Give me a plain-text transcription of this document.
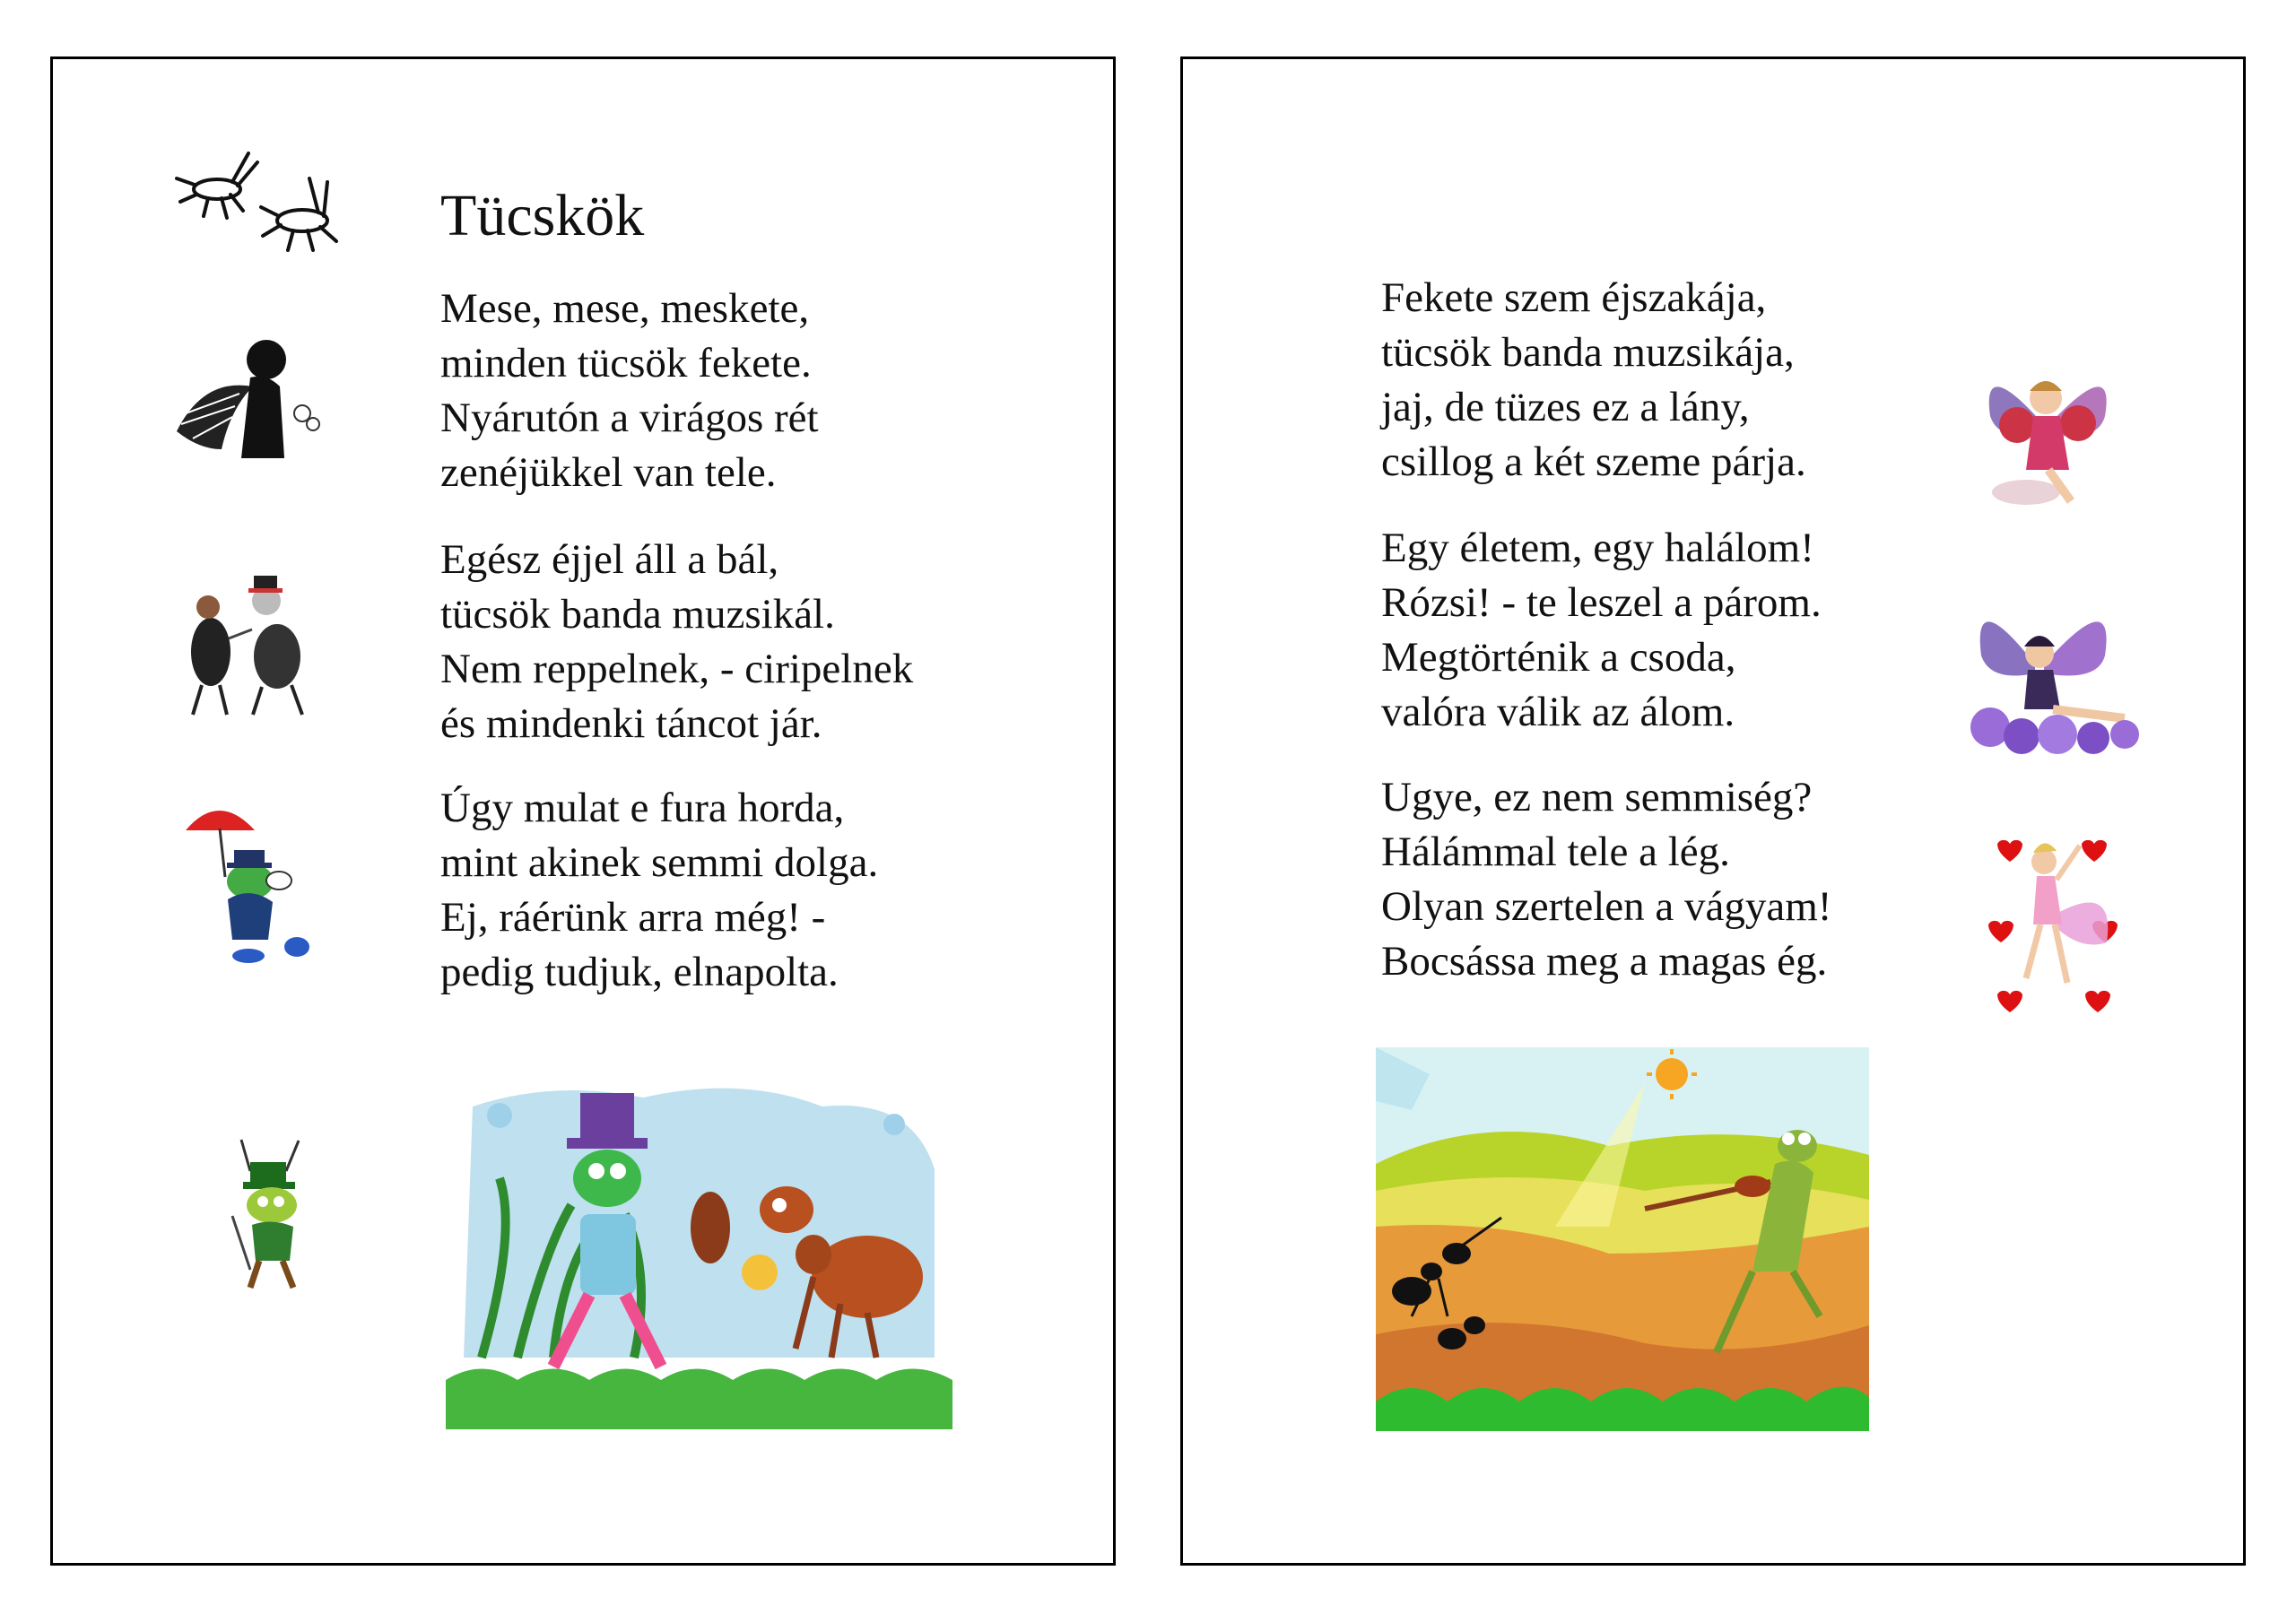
Tücskök
Mese, mese, meskete,
minden tücsök fekete.
Nyárutón a virágos rét
zenéjükkel van tele.
Egész éjjel áll a bál,
tücsök banda muzsikál.
Nem reppelnek, - ciripelnek
és mindenki táncot jár.
Úgy mulat e fura horda,
mint akinek semmi dolga.
Ej, ráérünk arra még! -
pedig tudjuk, elnapolta.
Fekete szem éjszakája,
tücsök banda muzsikája,
jaj, de tüzes ez a lány,
csillog a két szeme párja.
Egy életem, egy halálom!
Rózsi! - te leszel a párom.
Megtörténik a csoda,
valóra válik az álom.
Ugye, ez nem semmiség?
Hálámmal tele a lég.
Olyan szertelen a vágyam!
Bocsássa meg a magas ég.
